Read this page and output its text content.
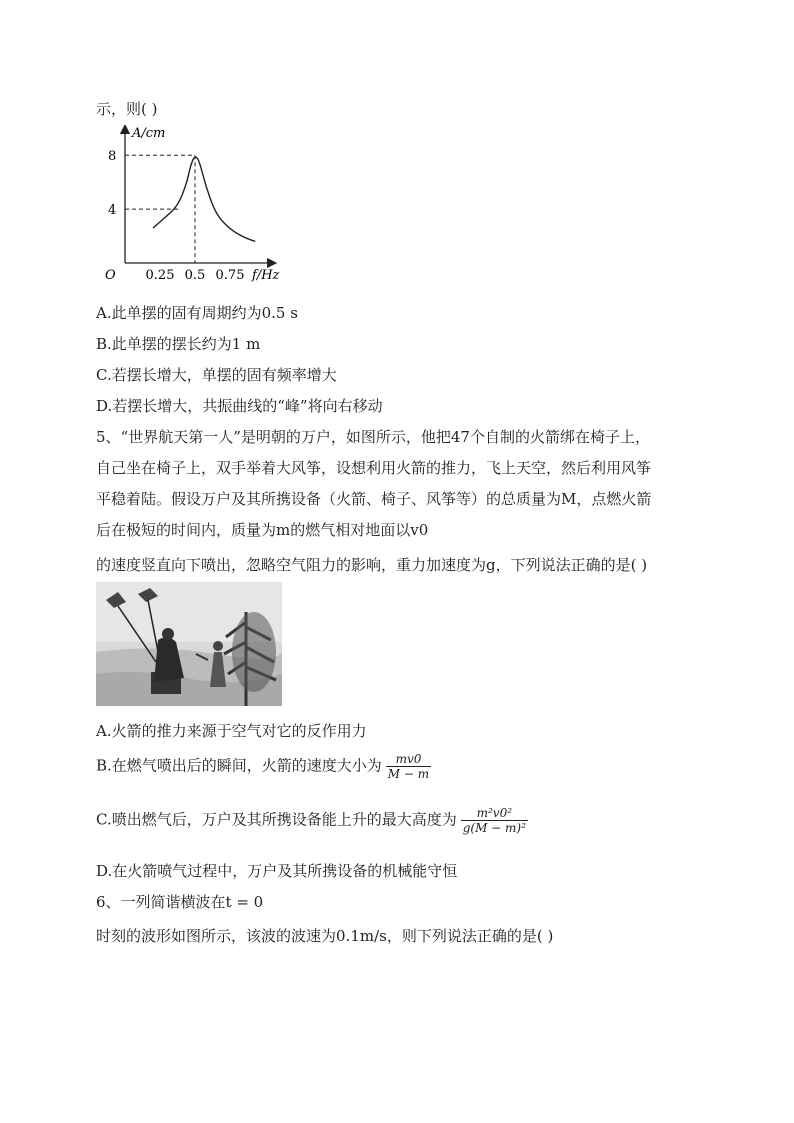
示，则( )
A/cm
f/Hz
O 0.25 0.5 0.75
4
8
A.此单摆的固有周期约为0.5 s
B.此单摆的摆长约为1 m
C.若摆长增大，单摆的固有频率增大
D.若摆长增大，共振曲线的“峰”将向右移动
5、“世界航天第一人”是明朝的万户，如图所示，他把47个自制的火箭绑在椅子上，
自己坐在椅子上，双手举着大风筝，设想利用火箭的推力，飞上天空，然后利用风筝
平稳着陆。假设万户及其所携设备（火箭、椅子、风筝等）的总质量为M，点燃火箭
后在极短的时间内，质量为m的燃气相对地面以v0
的速度竖直向下喷出，忽略空气阻力的影响，重力加速度为g，下列说法正确的是( )
A.火箭的推力来源于空气对它的反作用力
B.在燃气喷出后的瞬间，火箭的速度大小为 $\frac{mv0}{M - m}$
C.喷出燃气后，万户及其所携设备能上升的最大高度为 $\frac{\text{m²v0²}}{\text{g(M − m)²}}$
D.在火箭喷气过程中，万户及其所携设备的机械能守恒
6、一列简谐横波在t = 0
时刻的波形如图所示，该波的波速为0.1m/s，则下列说法正确的是( )
